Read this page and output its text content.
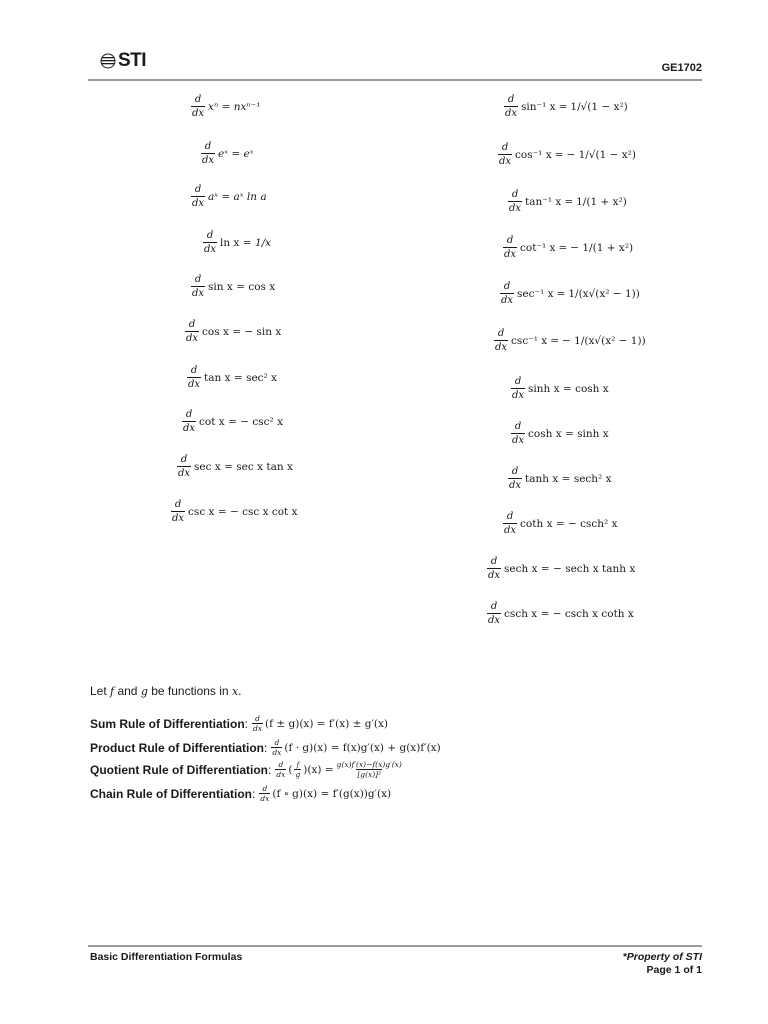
STI	GE1702
$\frac{d}{dx}$ xⁿ = nxⁿ⁻¹
$\frac{d}{dx}$ eˣ = eˣ
$\frac{d}{dx}$ aˣ = aˣ ln a
$\frac{d}{dx}$ ln x = 1/x
$\frac{d}{dx}$ sin x = cos x
$\frac{d}{dx}$ cos x = − sin x
$\frac{d}{dx}$ tan x = sec² x
$\frac{d}{dx}$ cot x = − csc² x
$\frac{d}{dx}$ sec x = sec x tan x
$\frac{d}{dx}$ csc x = − csc x cot x
$\frac{d}{dx} \sin^{-1}$ x = 1/√(1 − x²)
$\frac{d}{dx} \cos^{-1}$ x = − 1/√(1 − x²)
$\frac{d}{dx} \tan^{-1}$ x = 1/(1 + x²)
$\frac{d}{dx} \cot^{-1}$ x = − 1/(1 + x²)
$\frac{d}{dx} \sec^{-1}$ x = 1/(x√(x² − 1))
$\frac{d}{dx} \csc^{-1}$ x = − 1/(x√(x² − 1))
$\frac{d}{dx}$ sinh x = cosh x
$\frac{d}{dx}$ cosh x = sinh x
$\frac{d}{dx}$ tanh x = sech² x
$\frac{d}{dx}$ coth x = − csch² x
$\frac{d}{dx}$ sech x = − sech x tanh x
$\frac{d}{dx}$ csch x = − csch x coth x
Let f and g be functions in x.
Sum Rule of Differentiation : $\frac{d}{dx} (f \pm g)(x) = f'(x) \pm g'(x)$
Product Rule of Differentiation : $\frac{d}{dx} (f \cdot g)(x) = f(x)g'(x) + g(x)f'(x)$
Quotient Rule of Differentiation : $\frac{d}{dx}$ ( $\frac{f}{g}$ ) $(x) = \frac{g(x)f'(x)-f(x)g'(x)}{\text{[g(x)]²}}$
Chain Rule of Differentiation : $\frac{d}{dx} (f$ ∘ g)(x) = f′(g(x))g′(x)
Basic Differentiation Formulas	*Property of STI
Page 1 of 1
